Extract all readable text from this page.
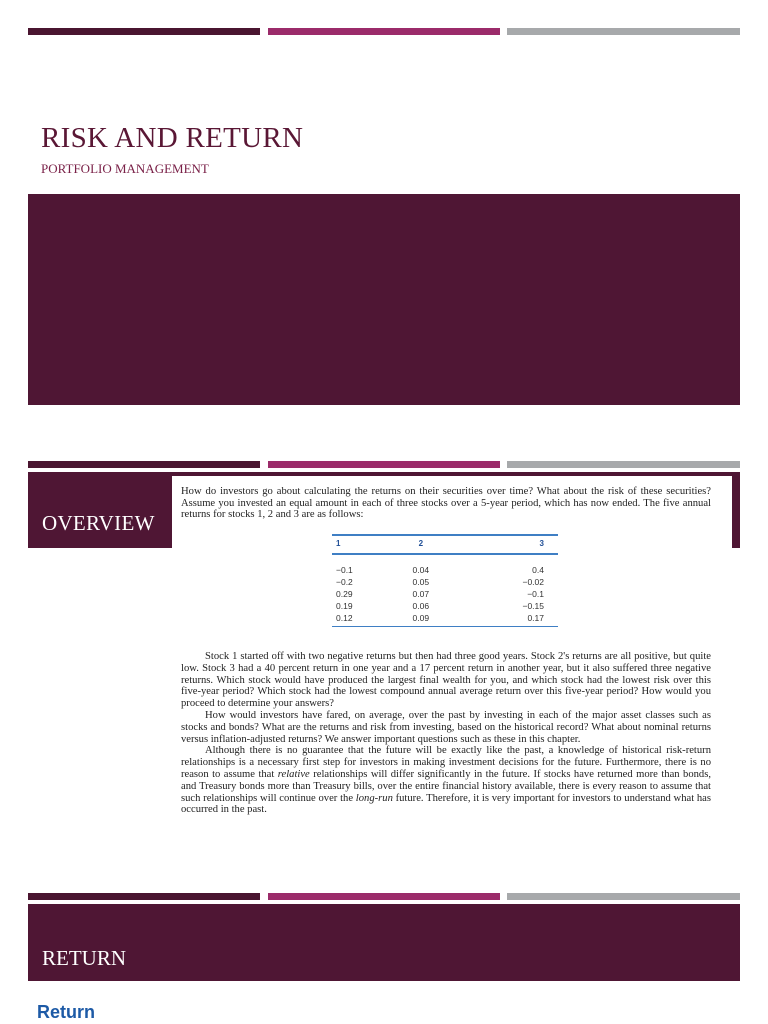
RISK AND RETURN
PORTFOLIO MANAGEMENT
OVERVIEW

How do investors go about calculating the returns on their securities over time? What about the risk of these securities? Assume you invested an equal amount in each of three stocks over a 5-year period, which has now ended. The five annual returns for stocks 1, 2 and 3 are as follows:

1	2	3
−0.1	0.04	0.4
−0.2	0.05	−0.02
0.29	0.07	−0.1
0.19	0.06	−0.15
0.12	0.09	0.17

Stock 1 started off with two negative returns but then had three good years. Stock 2's returns are all positive, but quite low. Stock 3 had a 40 percent return in one year and a 17 percent return in another year, but it also suffered three negative returns. Which stock would have produced the largest final wealth for you, and which stock had the lowest risk over this five-year period? Which stock had the lowest compound annual average return over this five-year period? How would you proceed to determine your answers?

How would investors have fared, on average, over the past by investing in each of the major asset classes such as stocks and bonds? What are the returns and risk from investing, based on the historical record? What about nominal returns versus inflation-adjusted returns? We answer important questions such as these in this chapter.

Although there is no guarantee that the future will be exactly like the past, a knowledge of historical risk-return relationships is a necessary first step for investors in making investment decisions for the future. Furthermore, there is no reason to assume that relative relationships will differ significantly in the future. If stocks have returned more than bonds, and Treasury bonds more than Treasury bills, over the entire financial history available, there is every reason to assume that such relationships will continue over the long-run future. Therefore, it is very important for investors to understand what has occurred in the past.

RETURN
Return
